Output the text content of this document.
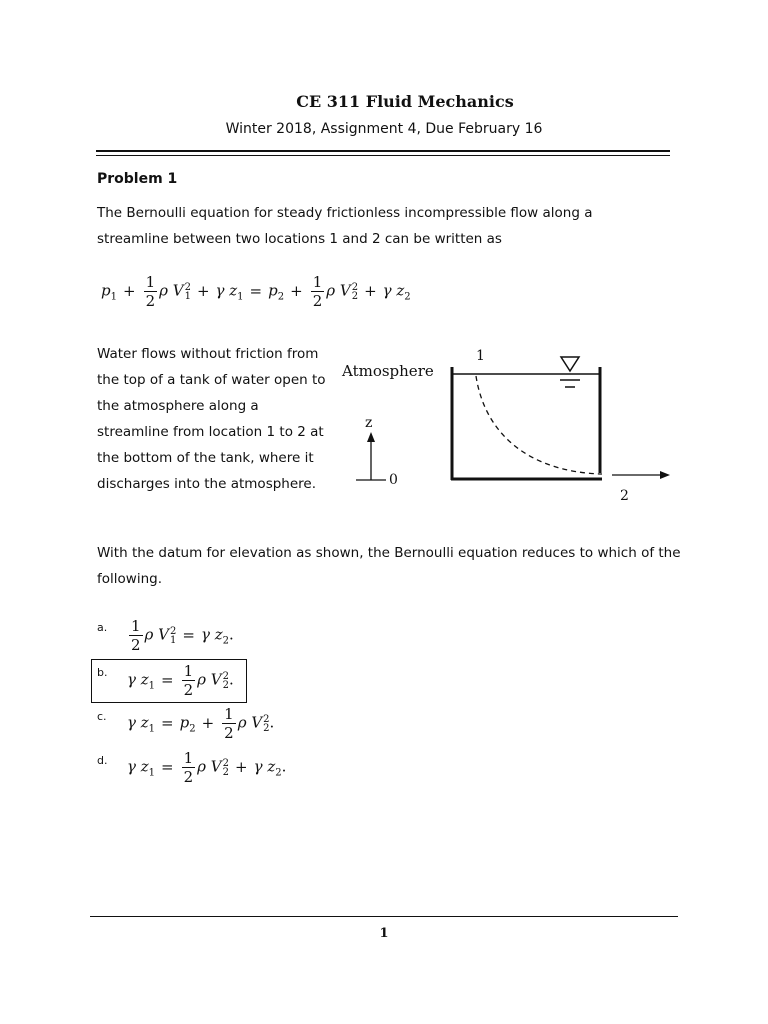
CE 311 Fluid Mechanics
Winter 2018, Assignment 4, Due February 16
Problem 1
The Bernoulli equation for steady frictionless incompressible flow along a streamline between two locations 1 and 2 can be written as
$p_1 + \frac{1}{2}$ ρ V 2
1 + γ $z_1 = p_2 + \frac{1}{2}$ ρ V 2
2 + γ $z_2$
Water flows without friction from the top of a tank of water open to the atmosphere along a streamline from location 1 to 2 at the bottom of the tank, where it discharges into the atmosphere.
Atmosphere
1
2
z
0
With the datum for elevation as shown, the Bernoulli equation reduces to which of the following.
a. $\frac{1}{2}$ ρ V 2
1 = γ $z_2$.
b. γ $z_1 = \frac{1}{2}$ ρ V 2
2 .
c. γ $z_1 = p_2 + \frac{1}{2}$ ρ V 2
2 .
d. γ $z_1 = \frac{1}{2}$ ρ V 2
2 + γ $z_2$.
1
